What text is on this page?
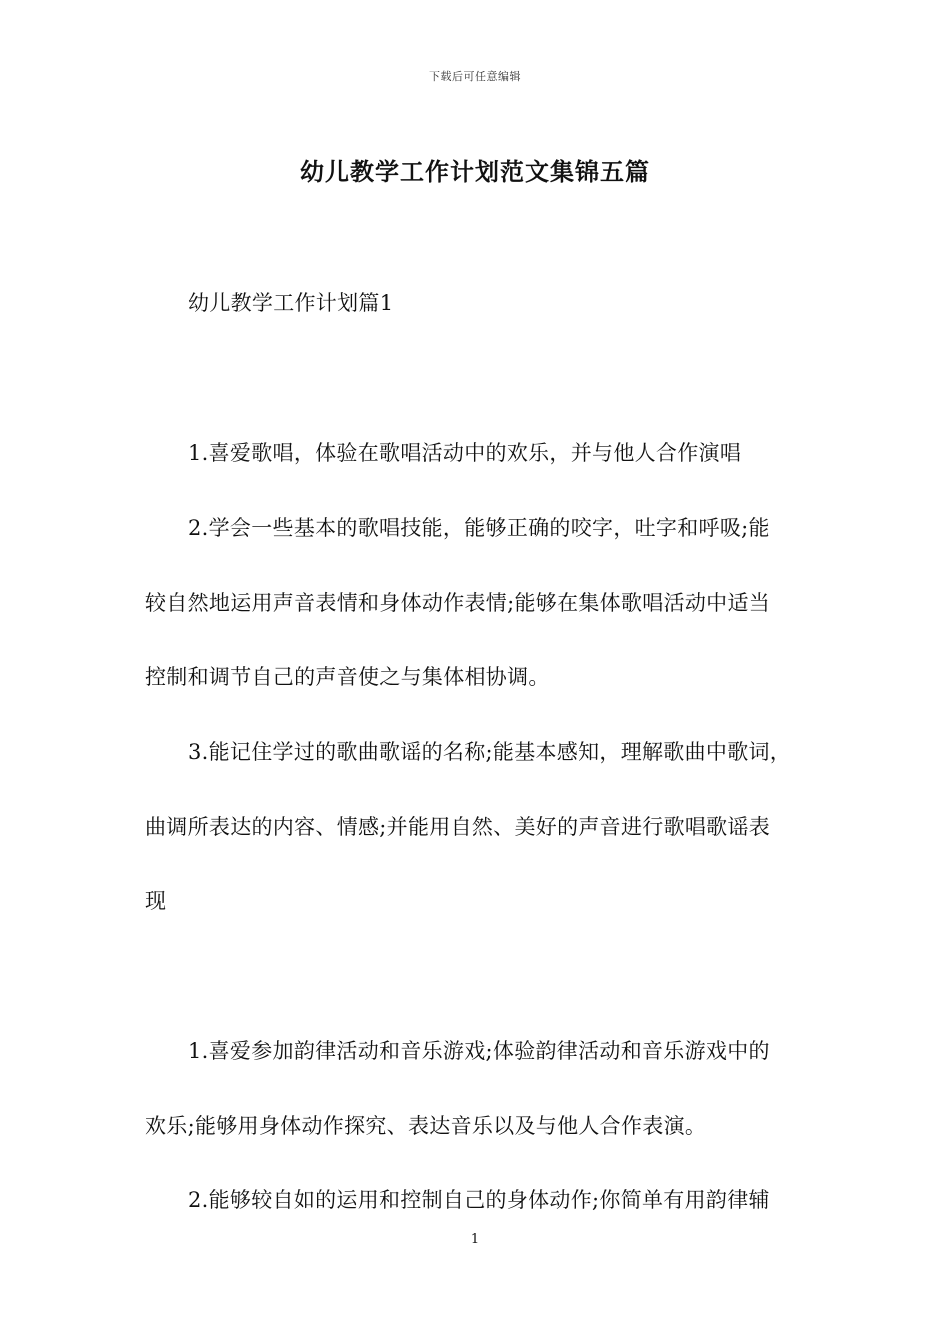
下载后可任意编辑
幼儿教学工作计划范文集锦五篇
幼儿教学工作计划篇1
1.喜爱歌唱，体验在歌唱活动中的欢乐，并与他人合作演唱
2.学会一些基本的歌唱技能，能够正确的咬字，吐字和呼吸;能
较自然地运用声音表情和身体动作表情;能够在集体歌唱活动中适当
控制和调节自己的声音使之与集体相协调。
3.能记住学过的歌曲歌谣的名称;能基本感知，理解歌曲中歌词，
曲调所表达的内容、情感;并能用自然、美好的声音进行歌唱歌谣表
现
1.喜爱参加韵律活动和音乐游戏;体验韵律活动和音乐游戏中的
欢乐;能够用身体动作探究、表达音乐以及与他人合作表演。
2.能够较自如的运用和控制自己的身体动作;你简单有用韵律辅
1
